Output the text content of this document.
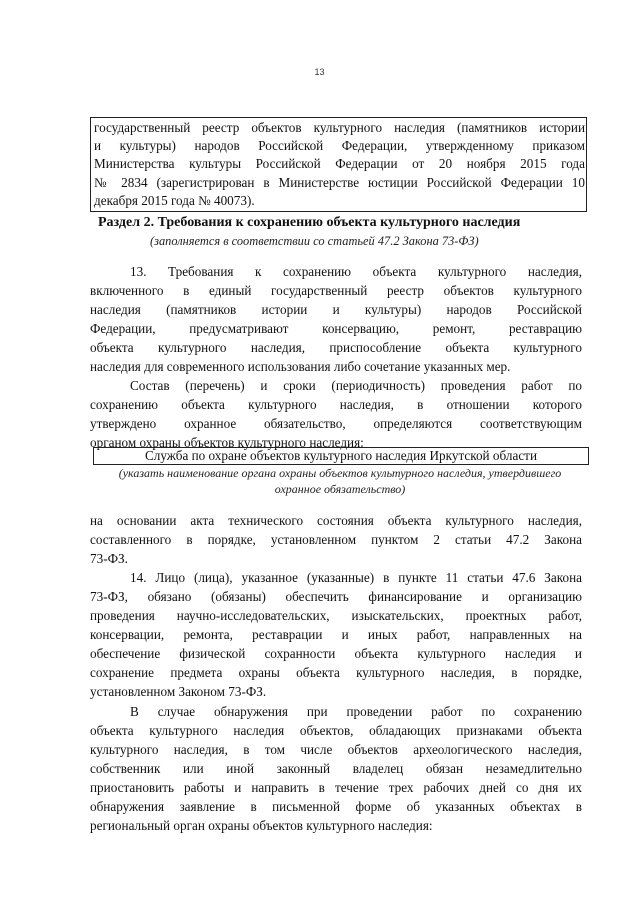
13
государственный реестр объектов культурного наследия (памятников истории
и культуры) народов Российской Федерации, утвержденному приказом
Министерства культуры Российской Федерации от 20 ноября 2015 года
№ 2834 (зарегистрирован в Министерстве юстиции Российской Федерации 10
декабря 2015 года № 40073).
Раздел 2. Требования к сохранению объекта культурного наследия
(заполняется в соответствии со статьей 47.2 Закона 73-ФЗ)
13. Требования к сохранению объекта культурного наследия,
включенного в единый государственный реестр объектов культурного
наследия (памятников истории и культуры) народов Российской
Федерации, предусматривают консервацию, ремонт, реставрацию
объекта культурного наследия, приспособление объекта культурного
наследия для современного использования либо сочетание указанных мер.
Состав (перечень) и сроки (периодичность) проведения работ по
сохранению объекта культурного наследия, в отношении которого
утверждено охранное обязательство, определяются соответствующим
органом охраны объектов культурного наследия:
Служба по охране объектов культурного наследия Иркутской области
(указать наименование органа охраны объектов культурного наследия, утвердившего
охранное обязательство)
на основании акта технического состояния объекта культурного наследия,
составленного в порядке, установленном пунктом 2 статьи 47.2 Закона
73-ФЗ.
14. Лицо (лица), указанное (указанные) в пункте 11 статьи 47.6 Закона
73-ФЗ, обязано (обязаны) обеспечить финансирование и организацию
проведения научно-исследовательских, изыскательских, проектных работ,
консервации, ремонта, реставрации и иных работ, направленных на
обеспечение физической сохранности объекта культурного наследия и
сохранение предмета охраны объекта культурного наследия, в порядке,
установленном Законом 73-ФЗ.
В случае обнаружения при проведении работ по сохранению
объекта культурного наследия объектов, обладающих признаками объекта
культурного наследия, в том числе объектов археологического наследия,
собственник или иной законный владелец обязан незамедлительно
приостановить работы и направить в течение трех рабочих дней со дня их
обнаружения заявление в письменной форме об указанных объектах в
региональный орган охраны объектов культурного наследия:
